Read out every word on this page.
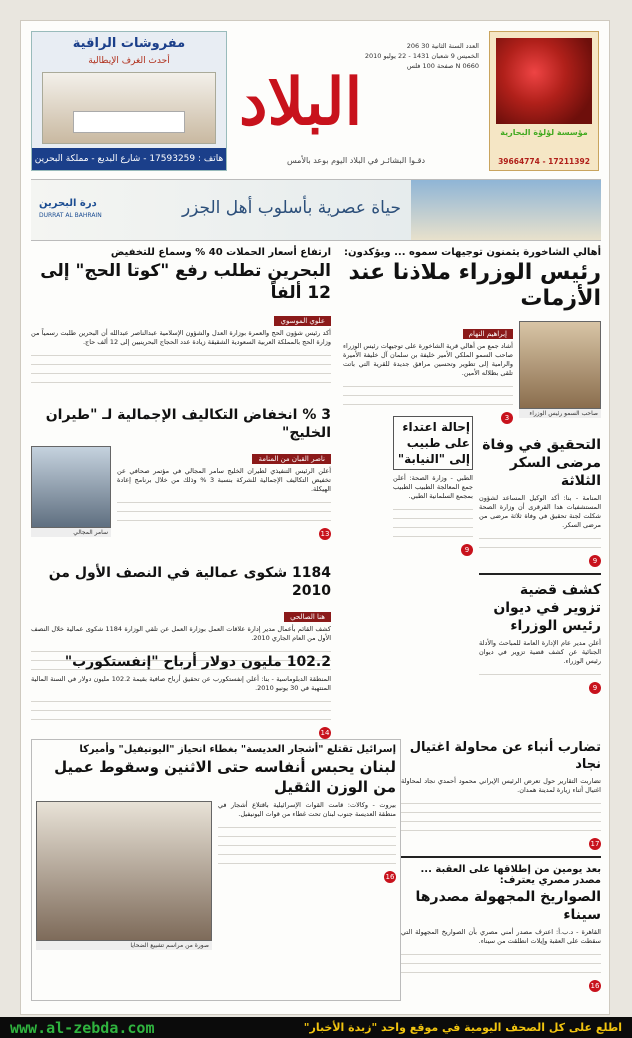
مفروشات الراقية
أحدث الغرف الإيطالية
هاتف : 17593259 - شارع البديع - مملكة البحرين
العدد السنة الثانية 30 206
الخميس 9 شعبان 1431 - 22 يوليو 2010
N 0660 صفحة 100 فلس
البلاد
دقـوا البشائـر في البلاد اليوم بوعد بالأمس
مؤسسة لؤلؤة البحارية
17211392 - 39664774
حياة عصرية بأسلوب أهل الجزر
درة البحرين
DURRAT AL BAHRAIN
أهالي الشاخورة يثمنون توجيهات سموه ... ويؤكدون:
رئيس الوزراء ملاذنا عند الأزمات
صاحب السمو رئيس الوزراء
إبراهيم النهام
أشاد جمع من أهالي قرية الشاخورة على توجيهات رئيس الوزراء صاحب السمو الملكي الأمير خليفة بن سلمان آل خليفة الأميرة والرامية إلى تطوير وتحسين مرافق جديدة للقرية التي باتت تلقى بظلاله الأمين.
3
التحقيق في وفاة مرضى السكر الثلاثة
المنامة - بنا: أكد الوكيل المساعد لشؤون المستشفيات هدا القرقرى أن وزارة الصحة شكلت لجنة تحقيق في وفاة ثلاثة مرضى من مرضى السكر.
9
كشف قضية تزوير في ديوان رئيس الوزراء
أعلن مدير عام الإدارة العامة للمباحث والأدلة الجنائية عن كشف قضية تزوير في ديوان رئيس الوزراء.
9
إحالة اعتداء على طبيب إلى "النيابة"
الطبي - وزارة الصحة: أعلن جمع المعالجة الطبيب الطبيب بمجمع السلمانية الطبي.
9
ارتفاع أسعار الحملات 40 % وسماع للتخفيض
البحرين تطلب رفع "كوتا الحج" إلى 12 ألفاً
علوي الموسوي
أكد رئيس شؤون الحج والعمرة بوزارة العدل والشؤون الإسلامية عبدالناصر عبدالله أن البحرين طلبت رسمياً من وزارة الحج بالمملكة العربية السعودية الشقيقة زيادة عدد الحجاج البحرينيين إلى 12 ألف حاج.
3 % انخفاض التكاليف الإجمالية لـ "طيران الخليج"
ناصر القبان من المنامة
أعلن الرئيس التنفيذي لطيران الخليج سامر المجالي في مؤتمر صحافي عن تخفيض التكاليف الإجمالية للشركة بنسبة 3 % وذلك من خلال برنامج إعادة الهيكلة.
13
سامر المجالي
1184 شكوى عمالية في النصف الأول من 2010
هنا الصالحي
كشف القائم بأعمال مدير إدارة علاقات العمل بوزارة العمل عن تلقي الوزارة 1184 شكوى عمالية خلال النصف الأول من العام الجاري 2010.
102.2 مليون دولار أرباح "إنفستكورب"
المنطقة الدبلوماسية - بنا: أعلن إنفستكورب عن تحقيق أرباح صافية بقيمة 102.2 مليون دولار في السنة المالية المنتهية في 30 يونيو 2010.
14
إسرائيل تقتلع "أشجار العديسة" بغطاء انحياز "اليونيفيل" وأميركا
لبنان يحبس أنفاسه حتى الاثنين وسقوط عميل من الوزن الثقيل
بيروت - وكالات: قامت القوات الإسرائيلية باقتلاع أشجار في منطقة العديسة جنوب لبنان تحت غطاء من قوات اليونيفيل.
16
صورة من مراسم تشييع الضحايا
تضارب أنباء عن محاولة اغتيال نجاد
تضاربت التقارير حول تعرض الرئيس الإيراني محمود أحمدي نجاد لمحاولة اغتيال أثناء زيارة لمدينة همدان.
17
بعد يومين من إطلاقها على العقبة ... مصدر مصري يعترف:
الصواريخ المجهولة مصدرها سيناء
القاهرة - د.ب.أ: اعترف مصدر أمني مصري بأن الصواريخ المجهولة التي سقطت على العقبة وإيلات انطلقت من سيناء.
16
www.al-zebda.com	اطلع على كل الصحف اليومية في موقع واحد "زبدة الأخبار"
